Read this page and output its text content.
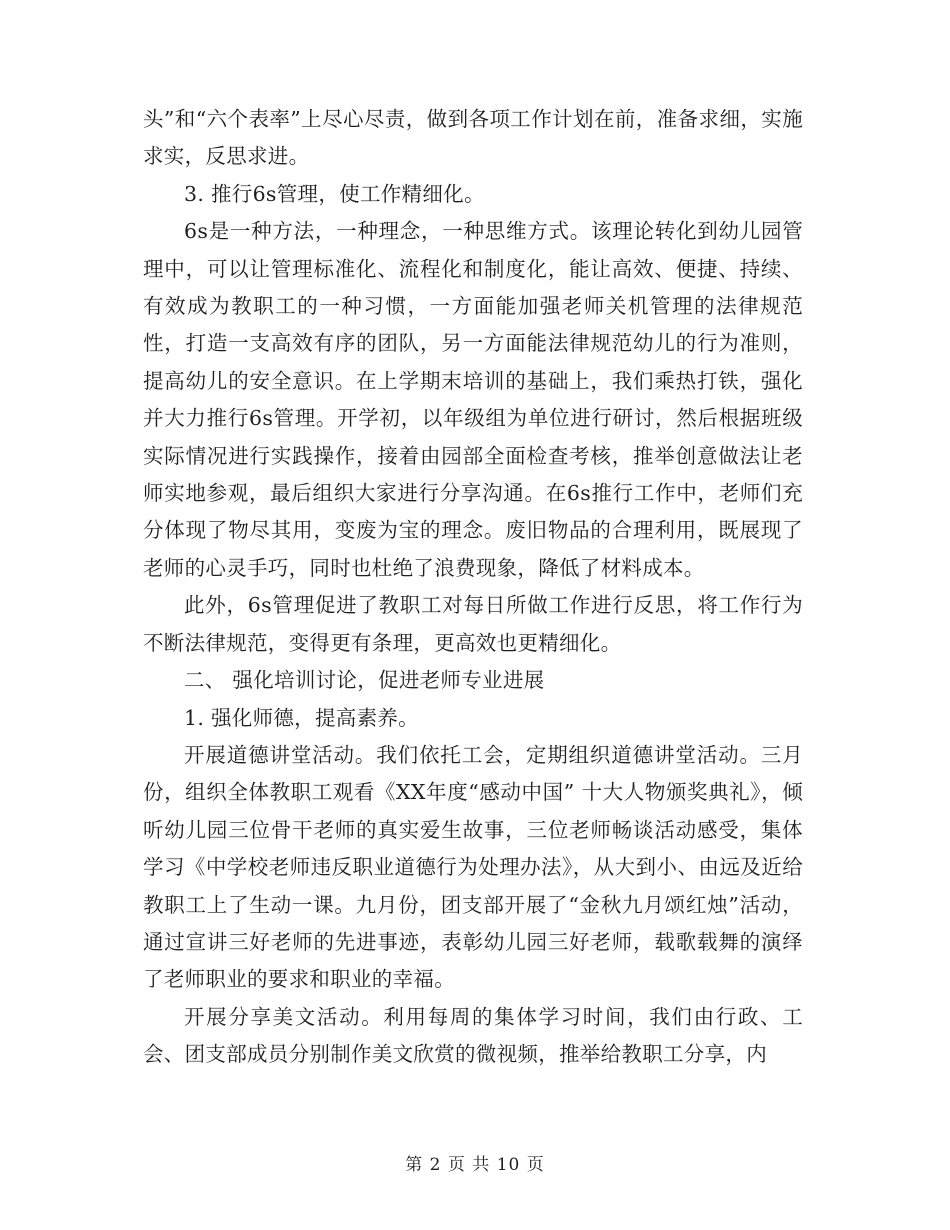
头”和“六个表率”上尽心尽责，做到各项工作计划在前，准备求细，实施求实，反思求进。

3. 推行6s管理，使工作精细化。

6s是一种方法，一种理念，一种思维方式。该理论转化到幼儿园管理中，可以让管理标准化、流程化和制度化，能让高效、便捷、持续、有效成为教职工的一种习惯，一方面能加强老师关机管理的法律规范性，打造一支高效有序的团队，另一方面能法律规范幼儿的行为准则，提高幼儿的安全意识。在上学期末培训的基础上，我们乘热打铁，强化并大力推行6s管理。开学初，以年级组为单位进行研讨，然后根据班级实际情况进行实践操作，接着由园部全面检查考核，推举创意做法让老师实地参观，最后组织大家进行分享沟通。在6s推行工作中，老师们充分体现了物尽其用，变废为宝的理念。废旧物品的合理利用，既展现了老师的心灵手巧，同时也杜绝了浪费现象，降低了材料成本。

此外，6s管理促进了教职工对每日所做工作进行反思，将工作行为不断法律规范，变得更有条理，更高效也更精细化。

二、 强化培训讨论，促进老师专业进展

1. 强化师德，提高素养。

开展道德讲堂活动。我们依托工会，定期组织道德讲堂活动。三月份，组织全体教职工观看《XX年度“感动中国” 十大人物颁奖典礼》，倾听幼儿园三位骨干老师的真实爱生故事，三位老师畅谈活动感受，集体学习《中学校老师违反职业道德行为处理办法》，从大到小、由远及近给教职工上了生动一课。九月份，团支部开展了“金秋九月颂红烛”活动，通过宣讲三好老师的先进事迹，表彰幼儿园三好老师，载歌载舞的演绎了老师职业的要求和职业的幸福。

开展分享美文活动。利用每周的集体学习时间，我们由行政、工会、团支部成员分别制作美文欣赏的微视频，推举给教职工分享，内

第 2 页 共 10 页
